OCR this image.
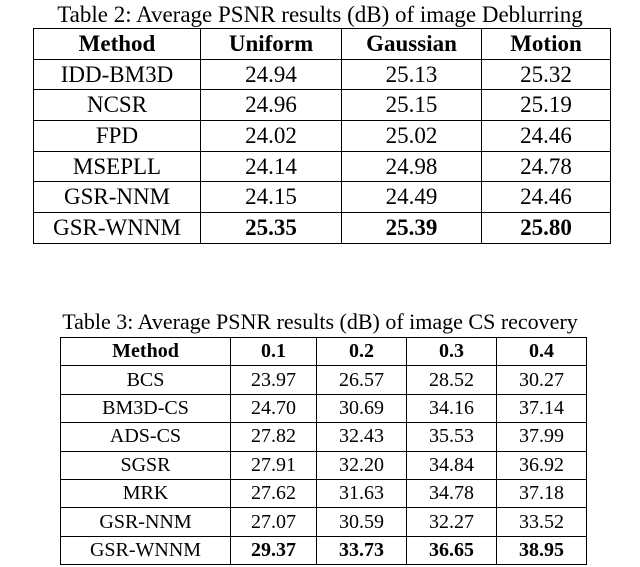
Table 2: Average PSNR results (dB) of image Deblurring
Method	Uniform	Gaussian	Motion
IDD-BM3D	24.94	25.13	25.32
NCSR	24.96	25.15	25.19
FPD	24.02	25.02	24.46
MSEPLL	24.14	24.98	24.78
GSR-NNM	24.15	24.49	24.46
GSR-WNNM	25.35	25.39	25.80
Table 3: Average PSNR results (dB) of image CS recovery
Method	0.1	0.2	0.3	0.4
BCS	23.97	26.57	28.52	30.27
BM3D-CS	24.70	30.69	34.16	37.14
ADS-CS	27.82	32.43	35.53	37.99
SGSR	27.91	32.20	34.84	36.92
MRK	27.62	31.63	34.78	37.18
GSR-NNM	27.07	30.59	32.27	33.52
GSR-WNNM	29.37	33.73	36.65	38.95
